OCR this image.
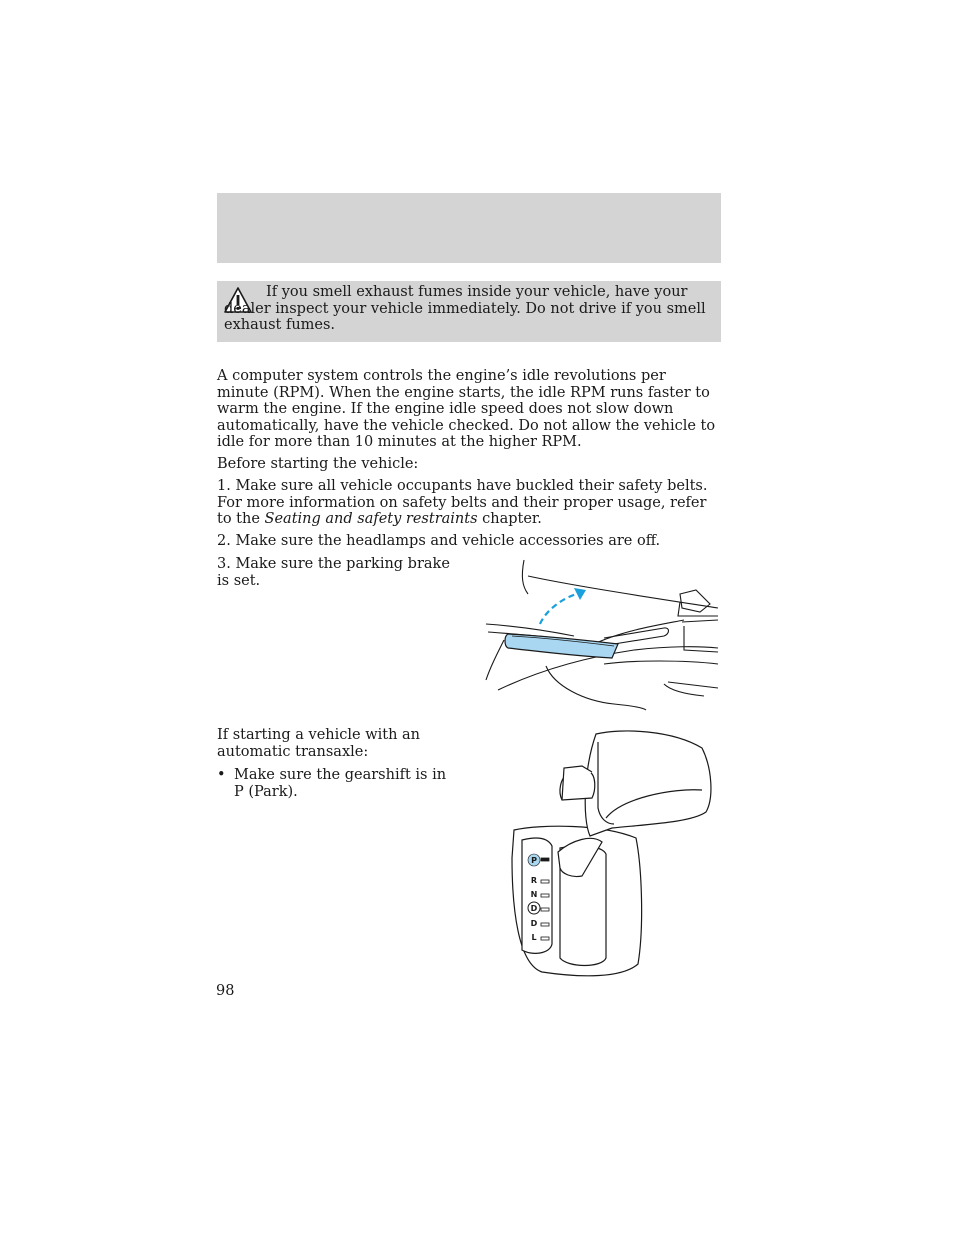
If you smell exhaust fumes inside your vehicle, have your dealer inspect your vehicle immediately. Do not drive if you smell exhaust fumes.

A computer system controls the engine’s idle revolutions per minute (RPM). When the engine starts, the idle RPM runs faster to warm the engine. If the engine idle speed does not slow down automatically, have the vehicle checked. Do not allow the vehicle to idle for more than 10 minutes at the higher RPM.

Before starting the vehicle:

1. Make sure all vehicle occupants have buckled their safety belts. For more information on safety belts and their proper usage, refer to the Seating and safety restraints chapter.

2. Make sure the headlamps and vehicle accessories are off.

3. Make sure the parking brake is set.

If starting a vehicle with an automatic transaxle:

• Make sure the gearshift is in P (Park).
P
R
N
D
D
L
98
